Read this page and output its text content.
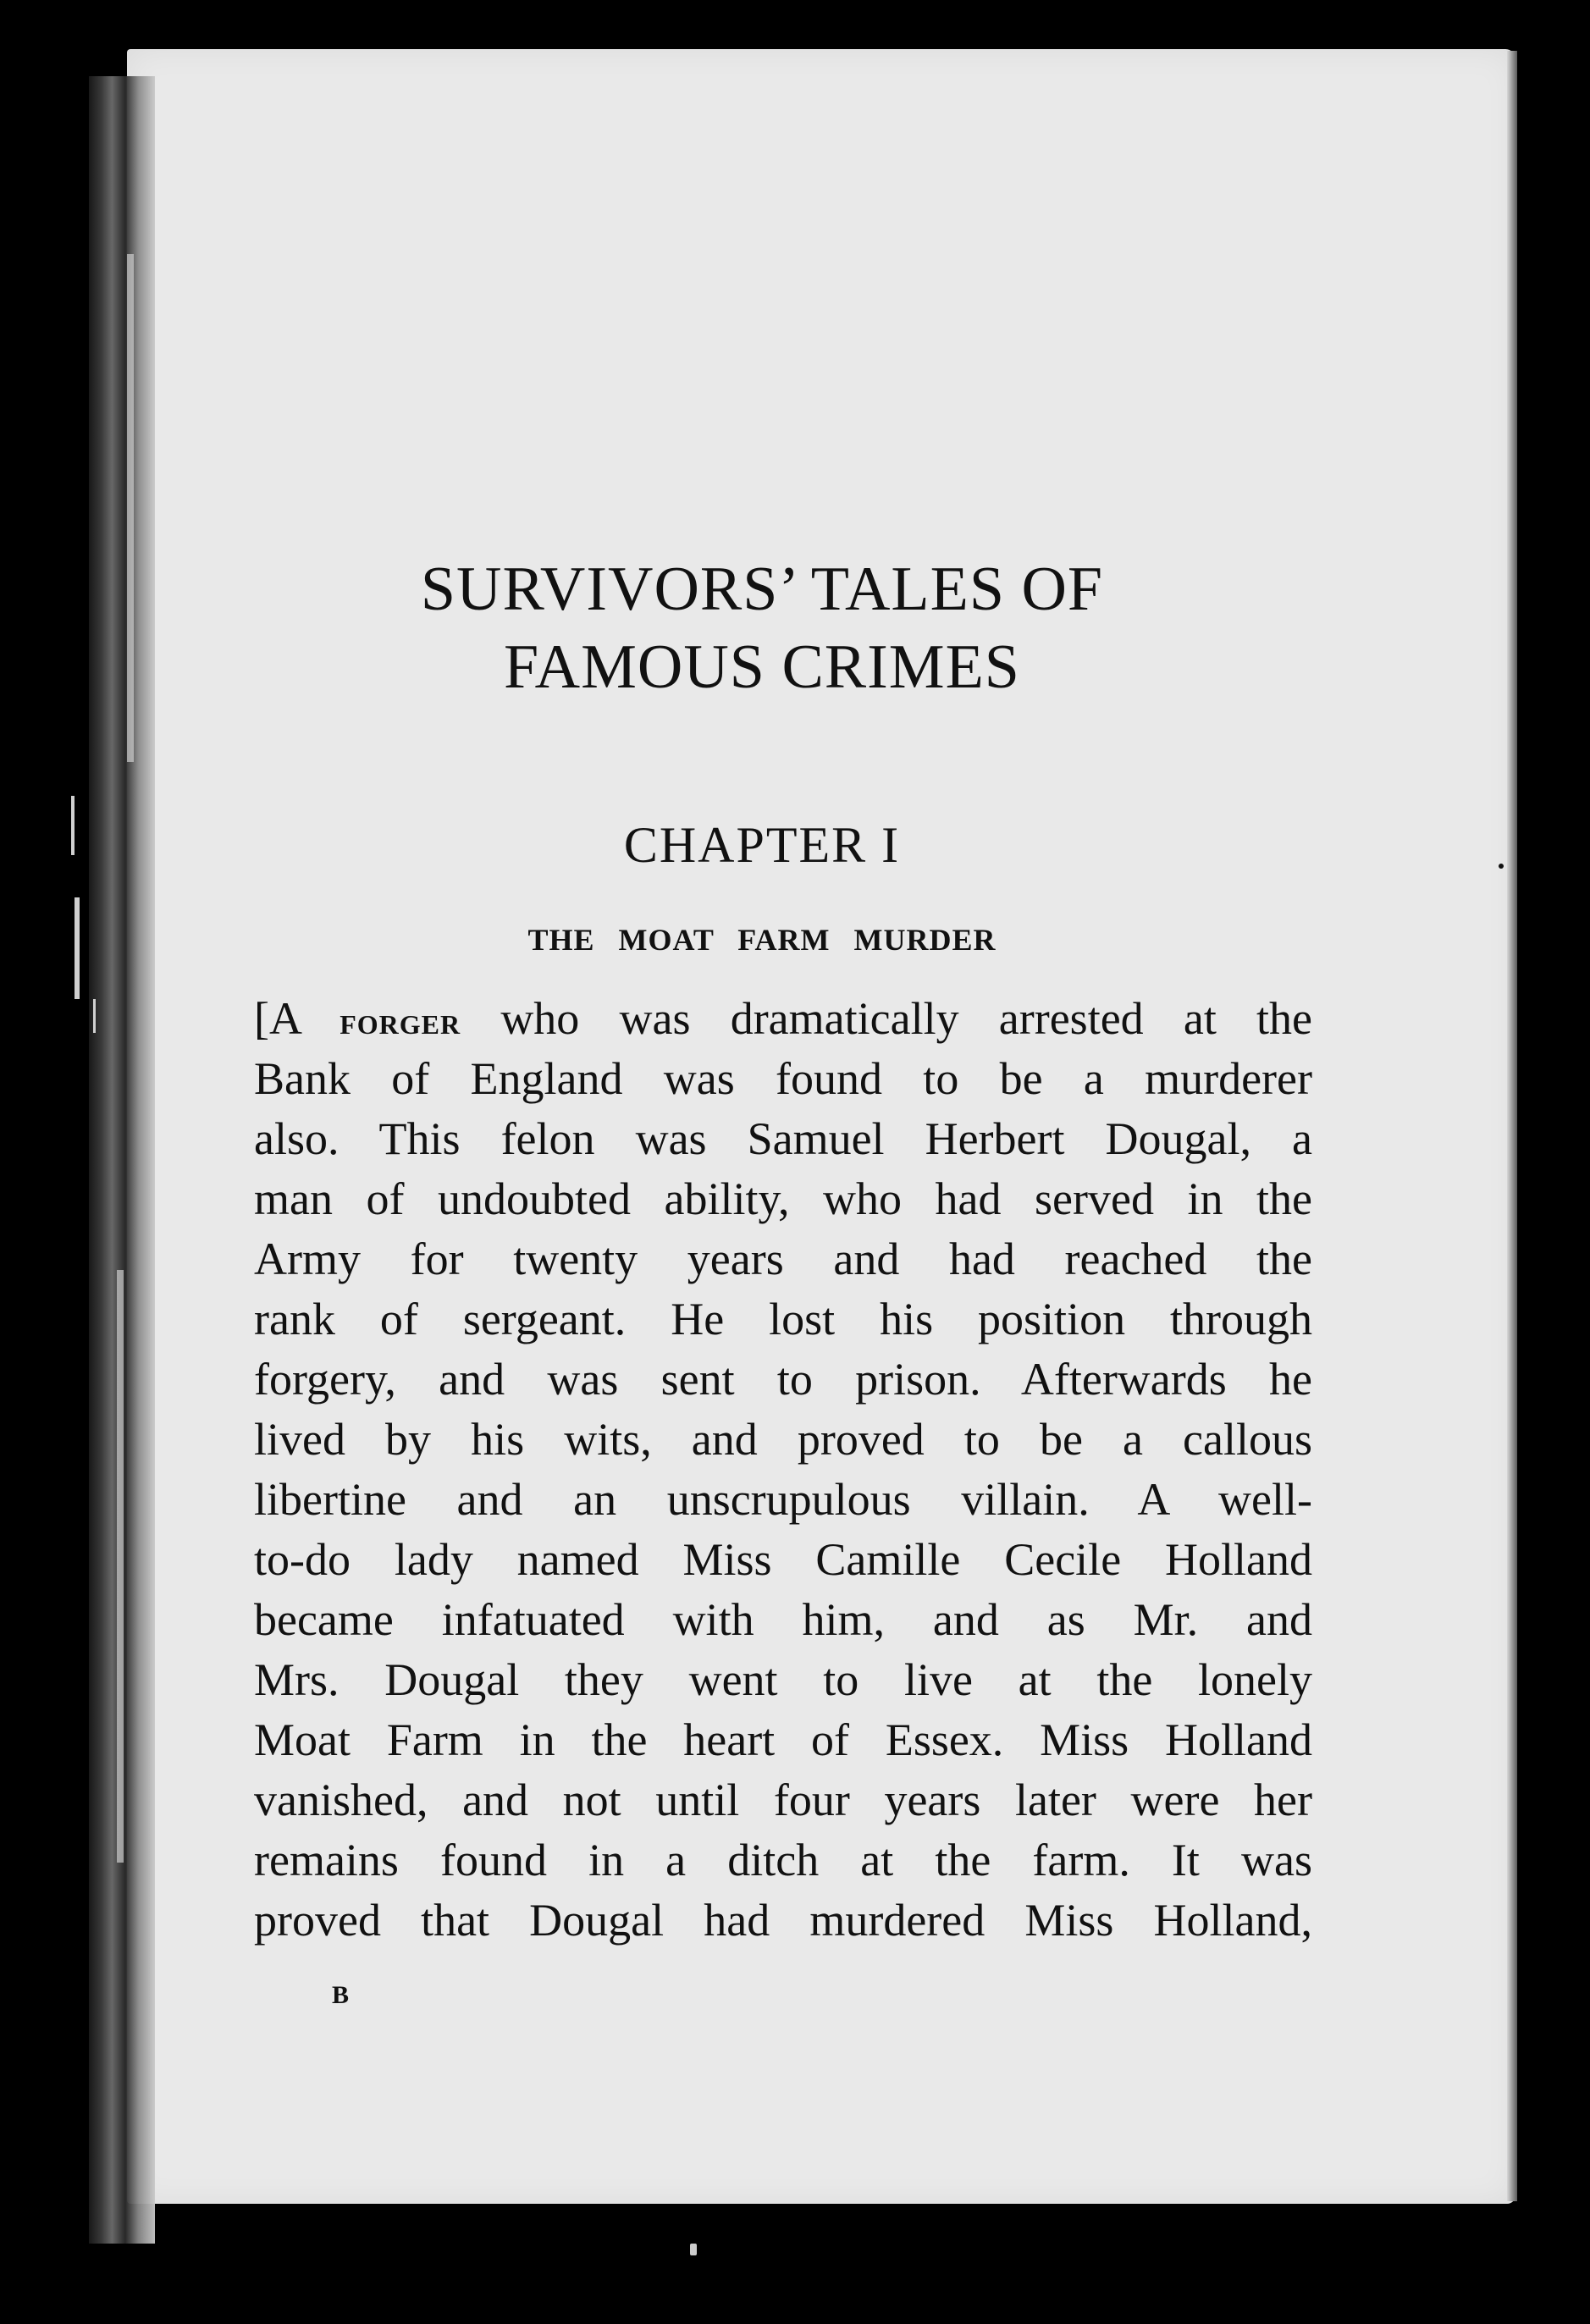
SURVIVORS’ TALES OF
FAMOUS CRIMES
CHAPTER I
THE MOAT FARM MURDER
[A forger who was dramatically arrested at the
Bank of England was found to be a murderer
also. This felon was Samuel Herbert Dougal, a
man of undoubted ability, who had served in the
Army for twenty years and had reached the
rank of sergeant. He lost his position through
forgery, and was sent to prison. Afterwards he
lived by his wits, and proved to be a callous
libertine and an unscrupulous villain. A well-
to-do lady named Miss Camille Cecile Holland
became infatuated with him, and as Mr. and
Mrs. Dougal they went to live at the lonely
Moat Farm in the heart of Essex. Miss Holland
vanished, and not until four years later were her
remains found in a ditch at the farm. It was
proved that Dougal had murdered Miss Holland,
B
